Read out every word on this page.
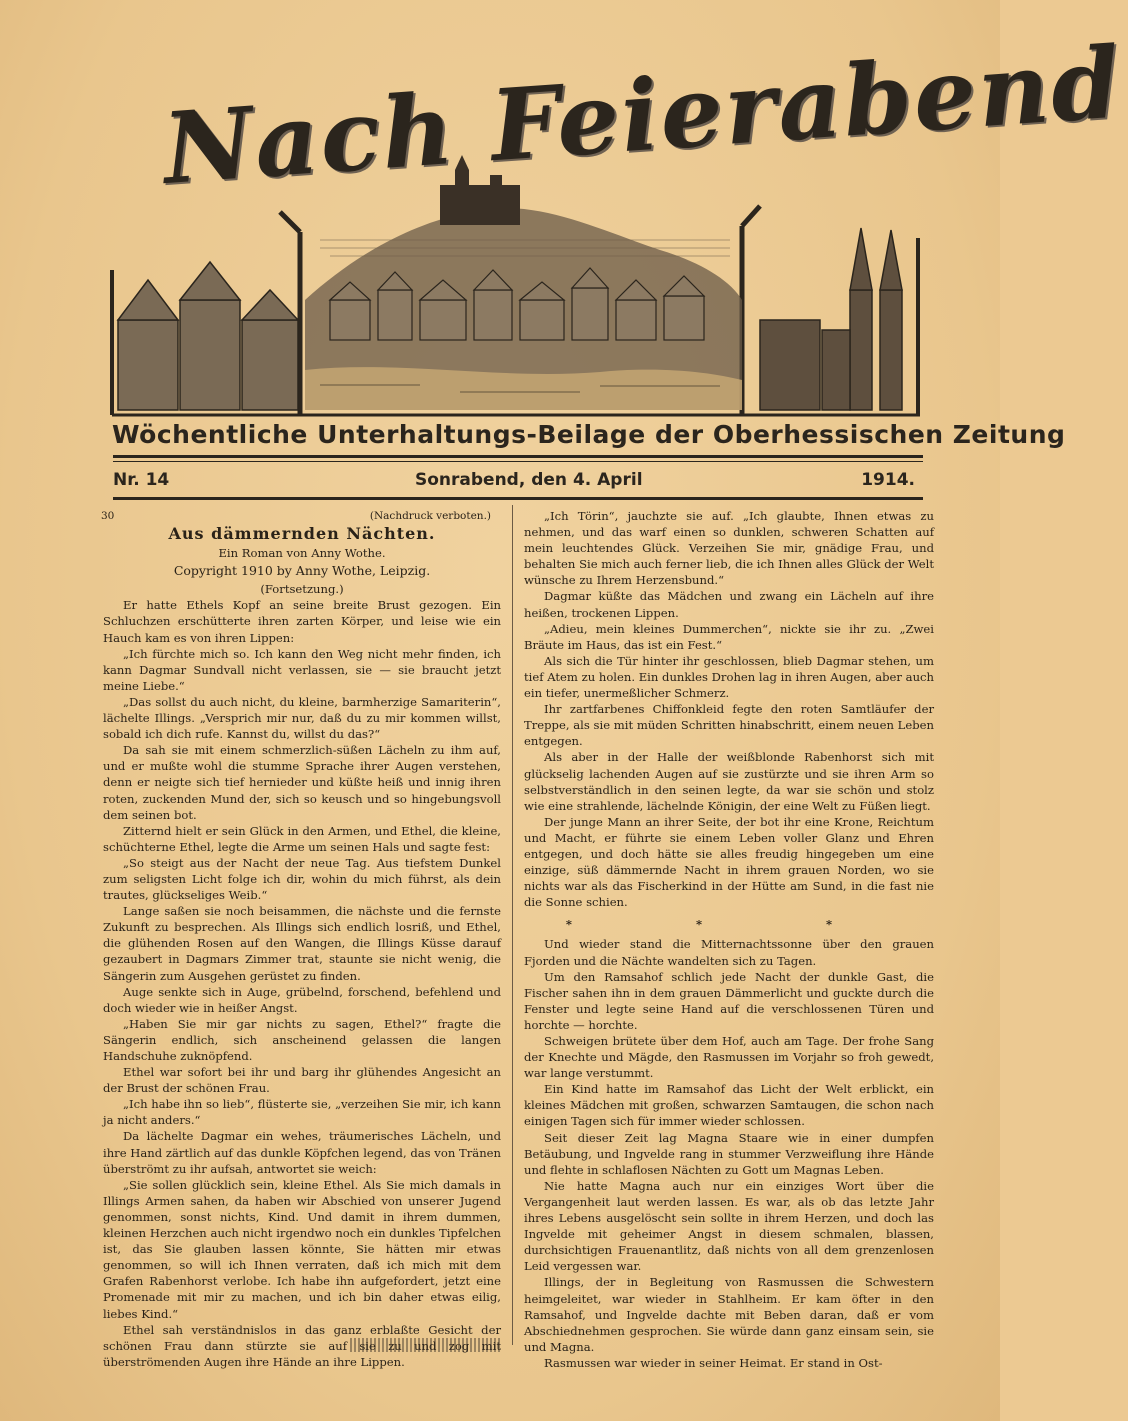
Nach Feierabend
Wöchentliche Unterhaltungs-Beilage der Oberhessischen Zeitung
Nr. 14	Sonrabend, den 4. April	1914.
30	(Nachdruck verboten.)
Aus dämmernden Nächten.

Ein Roman von Anny Wothe.

Copyright 1910 by Anny Wothe, Leipzig.

(Fortsetzung.)

Er hatte Ethels Kopf an seine breite Brust gezogen. Ein Schluchzen erschütterte ihren zarten Körper, und leise wie ein Hauch kam es von ihren Lippen:

„Ich fürchte mich so. Ich kann den Weg nicht mehr finden, ich kann Dagmar Sundvall nicht verlassen, sie — sie braucht jetzt meine Liebe.“

„Das sollst du auch nicht, du kleine, barmherzige Samariterin“, lächelte Illings. „Versprich mir nur, daß du zu mir kommen willst, sobald ich dich rufe. Kannst du, willst du das?“

Da sah sie mit einem schmerzlich-süßen Lächeln zu ihm auf, und er mußte wohl die stumme Sprache ihrer Augen verstehen, denn er neigte sich tief hernieder und küßte heiß und innig ihren roten, zuckenden Mund der, sich so keusch und so hingebungsvoll dem seinen bot.

Zitternd hielt er sein Glück in den Armen, und Ethel, die kleine, schüchterne Ethel, legte die Arme um seinen Hals und sagte fest:

„So steigt aus der Nacht der neue Tag. Aus tiefstem Dunkel zum seligsten Licht folge ich dir, wohin du mich führst, als dein trautes, glückseliges Weib.“

Lange saßen sie noch beisammen, die nächste und die fernste Zukunft zu besprechen. Als Illings sich endlich losriß, und Ethel, die glühenden Rosen auf den Wangen, die Illings Küsse darauf gezaubert in Dagmars Zimmer trat, staunte sie nicht wenig, die Sängerin zum Ausgehen gerüstet zu finden.

Auge senkte sich in Auge, grübelnd, forschend, befehlend und doch wieder wie in heißer Angst.

„Haben Sie mir gar nichts zu sagen, Ethel?“ fragte die Sängerin endlich, sich anscheinend gelassen die langen Handschuhe zuknöpfend.

Ethel war sofort bei ihr und barg ihr glühendes Angesicht an der Brust der schönen Frau.

„Ich habe ihn so lieb“, flüsterte sie, „verzeihen Sie mir, ich kann ja nicht anders.“

Da lächelte Dagmar ein wehes, träumerisches Lächeln, und ihre Hand zärtlich auf das dunkle Köpfchen legend, das von Tränen überströmt zu ihr aufsah, antwortet sie weich:

„Sie sollen glücklich sein, kleine Ethel. Als Sie mich damals in Illings Armen sahen, da haben wir Abschied von unserer Jugend genommen, sonst nichts, Kind. Und damit in ihrem dummen, kleinen Herzchen auch nicht irgendwo noch ein dunkles Tipfelchen ist, das Sie glauben lassen könnte, Sie hätten mir etwas genommen, so will ich Ihnen verraten, daß ich mich mit dem Grafen Rabenhorst verlobe. Ich habe ihn aufgefordert, jetzt eine Promenade mit mir zu machen, und ich bin daher etwas eilig, liebes Kind.“

Ethel sah verständnislos in das ganz erblaßte Gesicht der schönen Frau dann stürzte sie auf sie zu und zog mit überströmenden Augen ihre Hände an ihre Lippen.

„Ich Törin“, jauchzte sie auf. „Ich glaubte, Ihnen etwas zu nehmen, und das warf einen so dunklen, schweren Schatten auf mein leuchtendes Glück. Verzeihen Sie mir, gnädige Frau, und behalten Sie mich auch ferner lieb, die ich Ihnen alles Glück der Welt wünsche zu Ihrem Herzensbund.“

Dagmar küßte das Mädchen und zwang ein Lächeln auf ihre heißen, trockenen Lippen.

„Adieu, mein kleines Dummerchen“, nickte sie ihr zu. „Zwei Bräute im Haus, das ist ein Fest.“

Als sich die Tür hinter ihr geschlossen, blieb Dagmar stehen, um tief Atem zu holen. Ein dunkles Drohen lag in ihren Augen, aber auch ein tiefer, unermeßlicher Schmerz.

Ihr zartfarbenes Chiffonkleid fegte den roten Samtläufer der Treppe, als sie mit müden Schritten hinabschritt, einem neuen Leben entgegen.

Als aber in der Halle der weißblonde Rabenhorst sich mit glückselig lachenden Augen auf sie zustürzte und sie ihren Arm so selbstverständlich in den seinen legte, da war sie schön und stolz wie eine strahlende, lächelnde Königin, der eine Welt zu Füßen liegt.

Der junge Mann an ihrer Seite, der bot ihr eine Krone, Reichtum und Macht, er führte sie einem Leben voller Glanz und Ehren entgegen, und doch hätte sie alles freudig hingegeben um eine einzige, süß dämmernde Nacht in ihrem grauen Norden, wo sie nichts war als das Fischerkind in der Hütte am Sund, in die fast nie die Sonne schien.

* * *

Und wieder stand die Mitternachtssonne über den grauen Fjorden und die Nächte wandelten sich zu Tagen.

Um den Ramsahof schlich jede Nacht der dunkle Gast, die Fischer sahen ihn in dem grauen Dämmerlicht und guckte durch die Fenster und legte seine Hand auf die verschlossenen Türen und horchte — horchte.

Schweigen brütete über dem Hof, auch am Tage. Der frohe Sang der Knechte und Mägde, den Rasmussen im Vorjahr so froh gewedt, war lange verstummt.

Ein Kind hatte im Ramsahof das Licht der Welt erblickt, ein kleines Mädchen mit großen, schwarzen Samtaugen, die schon nach einigen Tagen sich für immer wieder schlossen.

Seit dieser Zeit lag Magna Staare wie in einer dumpfen Betäubung, und Ingvelde rang in stummer Verzweiflung ihre Hände und flehte in schlaflosen Nächten zu Gott um Magnas Leben.

Nie hatte Magna auch nur ein einziges Wort über die Vergangenheit laut werden lassen. Es war, als ob das letzte Jahr ihres Lebens ausgelöscht sein sollte in ihrem Herzen, und doch las Ingvelde mit geheimer Angst in diesem schmalen, blassen, durchsichtigen Frauenantlitz, daß nichts von all dem grenzenlosen Leid vergessen war.

Illings, der in Begleitung von Rasmussen die Schwestern heimgeleitet, war wieder in Stahlheim. Er kam öfter in den Ramsahof, und Ingvelde dachte mit Beben daran, daß er vom Abschiednehmen gesprochen. Sie würde dann ganz einsam sein, sie und Magna.

Rasmussen war wieder in seiner Heimat. Er stand in Ost-
